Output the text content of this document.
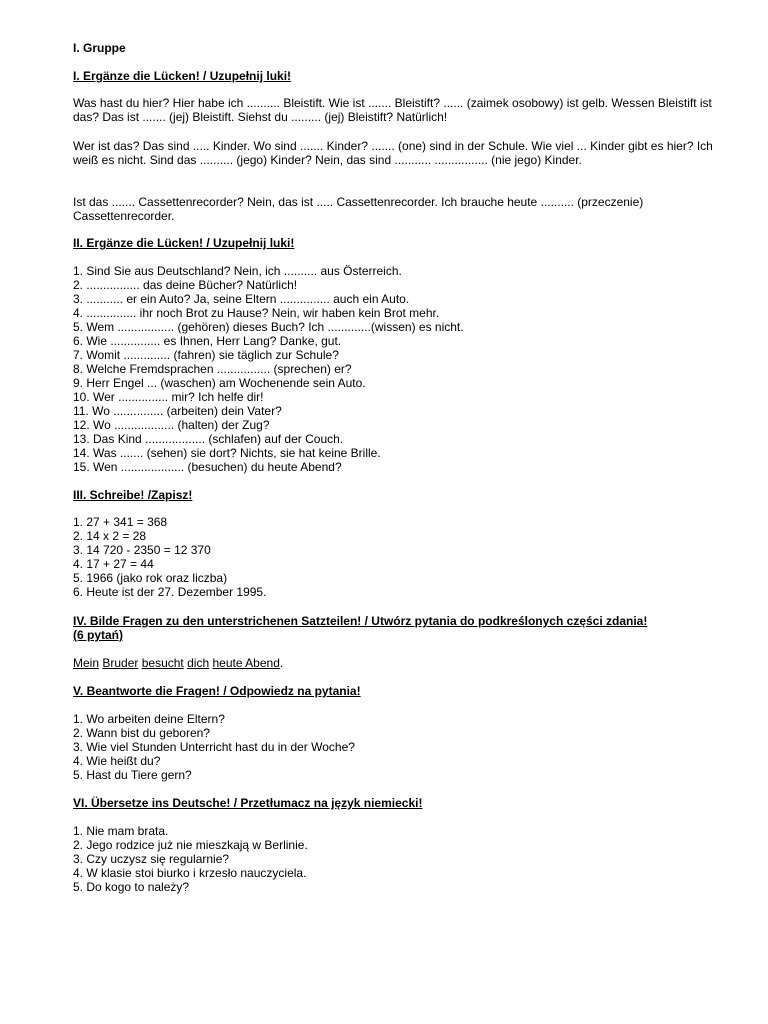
I. Gruppe
I. Ergänze die Lücken! / Uzupełnij luki!
Was hast du hier? Hier habe ich .......... Bleistift. Wie ist ....... Bleistift? ...... (zaimek osobowy) ist gelb. Wessen Bleistift ist das? Das ist ....... (jej) Bleistift. Siehst du ......... (jej) Bleistift? Natürlich!
Wer ist das? Das sind ..... Kinder. Wo sind ....... Kinder? ....... (one) sind in der Schule. Wie viel ... Kinder gibt es hier? Ich weiß es nicht. Sind das .......... (jego) Kinder? Nein, das sind ........... ................ (nie jego) Kinder.
Ist das ....... Cassettenrecorder? Nein, das ist ..... Cassettenrecorder. Ich brauche heute .......... (przeczenie) Cassettenrecorder.
II. Ergänze die Lücken! / Uzupełnij luki!
1. Sind Sie aus Deutschland? Nein, ich .......... aus Österreich.
2. ................ das deine Bücher? Natürlich!
3. ........... er ein Auto? Ja, seine Eltern ............... auch ein Auto.
4. ............... ihr noch Brot zu Hause? Nein, wir haben kein Brot mehr.
5. Wem ................. (gehören) dieses Buch? Ich .............(wissen) es nicht.
6. Wie ............... es Ihnen, Herr Lang? Danke, gut.
7. Womit .............. (fahren) sie täglich zur Schule?
8. Welche Fremdsprachen ................ (sprechen) er?
9. Herr Engel ... (waschen) am Wochenende sein Auto.
10. Wer ............... mir? Ich helfe dir!
11. Wo ............... (arbeiten) dein Vater?
12. Wo .................. (halten) der Zug?
13. Das Kind .................. (schlafen) auf der Couch.
14. Was ....... (sehen) sie dort? Nichts, sie hat keine Brille.
15. Wen ................... (besuchen) du heute Abend?
III. Schreibe! /Zapisz!
1. 27 + 341 = 368
2. 14 x 2 = 28
3. 14 720 - 2350 = 12 370
4. 17 + 27 = 44
5. 1966 (jako rok oraz liczba)
6. Heute ist der 27. Dezember 1995.
IV. Bilde Fragen zu den unterstrichenen Satzteilen! / Utwórz pytania do podkreślonych części zdania!
(6 pytań)
Mein Bruder besucht dich heute Abend.
V. Beantworte die Fragen! / Odpowiedz na pytania!
1. Wo arbeiten deine Eltern?
2. Wann bist du geboren?
3. Wie viel Stunden Unterricht hast du in der Woche?
4. Wie heißt du?
5. Hast du Tiere gern?
VI. Übersetze ins Deutsche! / Przetłumacz na język niemiecki!
1. Nie mam brata.
2. Jego rodzice już nie mieszkają w Berlinie.
3. Czy uczysz się regularnie?
4. W klasie stoi biurko i krzesło nauczyciela.
5. Do kogo to należy?
